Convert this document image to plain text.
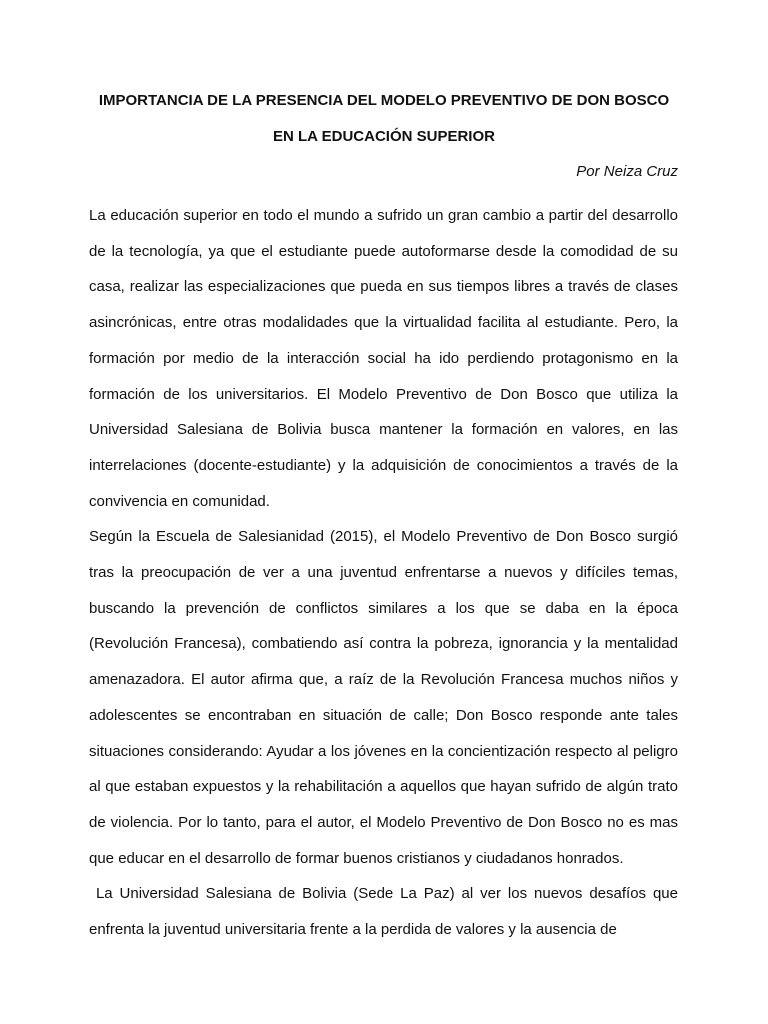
IMPORTANCIA DE LA PRESENCIA DEL MODELO PREVENTIVO DE DON BOSCO
EN LA EDUCACIÓN SUPERIOR
Por Neiza Cruz

La educación superior en todo el mundo a sufrido un gran cambio a partir del desarrollo de la tecnología, ya que el estudiante puede autoformarse desde la comodidad de su casa, realizar las especializaciones que pueda en sus tiempos libres a través de clases asincrónicas, entre otras modalidades que la virtualidad facilita al estudiante. Pero, la formación por medio de la interacción social ha ido perdiendo protagonismo en la formación de los universitarios. El Modelo Preventivo de Don Bosco que utiliza la Universidad Salesiana de Bolivia busca mantener la formación en valores, en las interrelaciones (docente-estudiante) y la adquisición de conocimientos a través de la convivencia en comunidad.

Según la Escuela de Salesianidad (2015), el Modelo Preventivo de Don Bosco surgió tras la preocupación de ver a una juventud enfrentarse a nuevos y difíciles temas, buscando la prevención de conflictos similares a los que se daba en la época (Revolución Francesa), combatiendo así contra la pobreza, ignorancia y la mentalidad amenazadora. El autor afirma que, a raíz de la Revolución Francesa muchos niños y adolescentes se encontraban en situación de calle; Don Bosco responde ante tales situaciones considerando: Ayudar a los jóvenes en la concientización respecto al peligro al que estaban expuestos y la rehabilitación a aquellos que hayan sufrido de algún trato de violencia. Por lo tanto, para el autor, el Modelo Preventivo de Don Bosco no es mas que educar en el desarrollo de formar buenos cristianos y ciudadanos honrados.

La Universidad Salesiana de Bolivia (Sede La Paz) al ver los nuevos desafíos que enfrenta la juventud universitaria frente a la perdida de valores y la ausencia de
